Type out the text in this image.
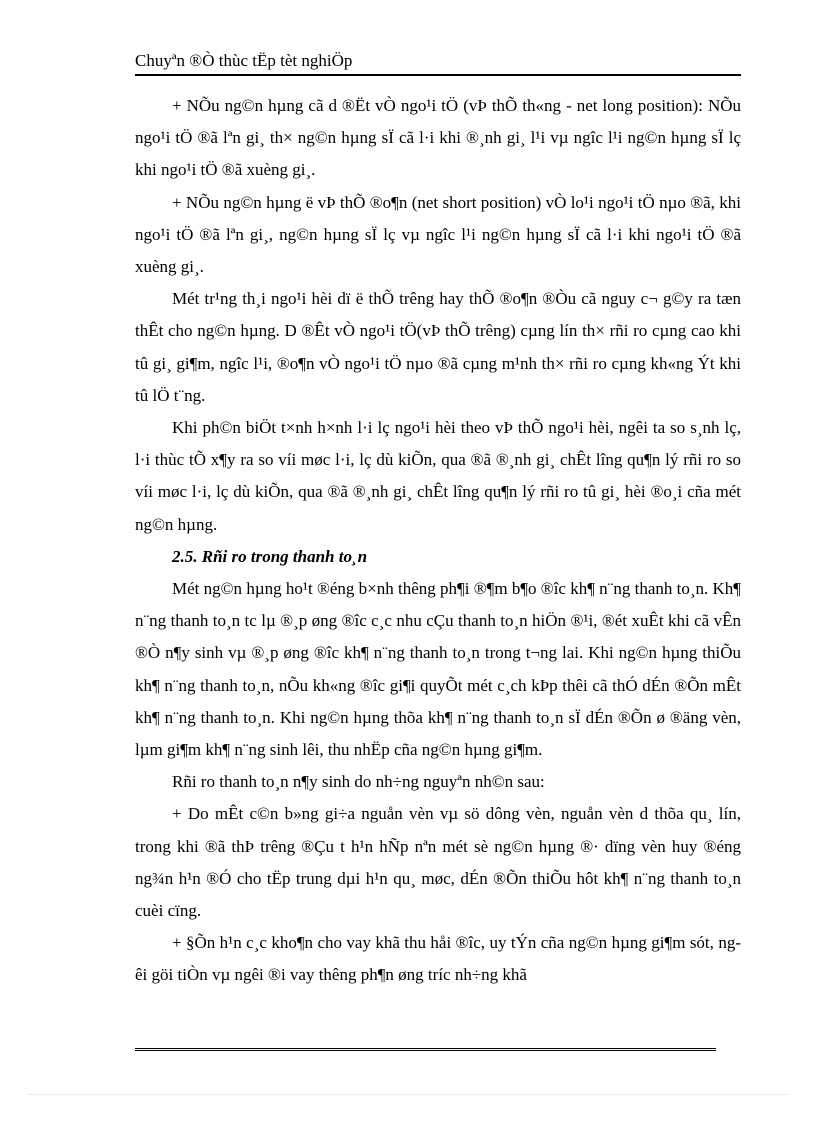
Chuyªn ®Ò thùc tËp tèt nghiÖp

+ NÕu ng©n hµng cã d ®Ët vÒ ngo¹i tÖ (vÞ thÕ th«ng - net long position): NÕu ngo¹i tÖ ®ã lªn gi¸ th× ng©n hµng sÏ cã l·i khi ®¸nh gi¸ l¹i vµ ngîc l¹i ng©n hµng sÏ lç khi ngo¹i tÖ ®ã xuèng gi¸.

+ NÕu ng©n hµng ë vÞ thÕ ®o¶n (net short position) vÒ lo¹i ngo¹i tÖ nµo ®ã, khi ngo¹i tÖ ®ã lªn gi¸, ng©n hµng sÏ lç vµ ngîc l¹i ng©n hµng sÏ cã l·i khi ngo¹i tÖ ®ã xuèng gi¸.

Mét tr¹ng th¸i ngo¹i hèi dï ë thÕ trêng hay thÕ ®o¶n ®Òu cã nguy c¬ g©y ra tæn thÊt cho ng©n hµng. D ®Êt vÒ ngo¹i tÖ(vÞ thÕ trêng) cµng lín th× rñi ro cµng cao khi tû gi¸ gi¶m, ngîc l¹i, ®o¶n vÒ ngo¹i tÖ nµo ®ã cµng m¹nh th× rñi ro cµng kh«ng Ýt khi tû lÖ t¨ng.

Khi ph©n biÖt t×nh h×nh l·i lç ngo¹i hèi theo vÞ thÕ ngo¹i hèi, ngêi ta so s¸nh lç, l·i thùc tÕ x¶y ra so víi møc l·i, lç dù kiÕn, qua ®ã ®¸nh gi¸ chÊt lîng qu¶n lý rñi ro so víi møc l·i, lç dù kiÕn, qua ®ã ®¸nh gi¸ chÊt lîng qu¶n lý rñi ro tû gi¸ hèi ®o¸i cña mét ng©n hµng.

2.5. Rñi ro trong thanh to¸n

Mét ng©n hµng ho¹t ®éng b×nh thêng ph¶i ®¶m b¶o ®îc kh¶ n¨ng thanh to¸n. Kh¶ n¨ng thanh to¸n tc lµ ®¸p øng ®îc c¸c nhu cÇu thanh to¸n hiÖn ®¹i, ®ét xuÊt khi cã vÊn ®Ò n¶y sinh vµ ®¸p øng ®îc kh¶ n¨ng thanh to¸n trong t¬ng lai. Khi ng©n hµng thiÕu kh¶ n¨ng thanh to¸n, nÕu kh«ng ®îc gi¶i quyÕt mét c¸ch kÞp thêi cã thÓ dÉn ®Õn mÊt kh¶ n¨ng thanh to¸n. Khi ng©n hµng thõa kh¶ n¨ng thanh to¸n sÏ dÉn ®Õn ø ®äng vèn, lµm gi¶m kh¶ n¨ng sinh lêi, thu nhËp cña ng©n hµng gi¶m.

Rñi ro thanh to¸n n¶y sinh do nh÷ng nguyªn nh©n sau:

+ Do mÊt c©n b»ng gi÷a nguån vèn vµ sö dông vèn, nguån vèn d thõa qu¸ lín, trong khi ®ã thÞ trêng ®Çu t h¹n hÑp nªn mét sè ng©n hµng ®· dïng vèn huy ®éng ng¾n h¹n ®Ó cho tËp trung dµi h¹n qu¸ møc, dÉn ®Õn thiÕu hôt kh¶ n¨ng thanh to¸n cuèi cïng.

+ §Õn h¹n c¸c kho¶n cho vay khã thu håi ®îc, uy tÝn cña ng©n hµng gi¶m sót, ngêi göi tiÒn vµ ngêi ®i vay thêng ph¶n øng tríc nh÷ng khã
